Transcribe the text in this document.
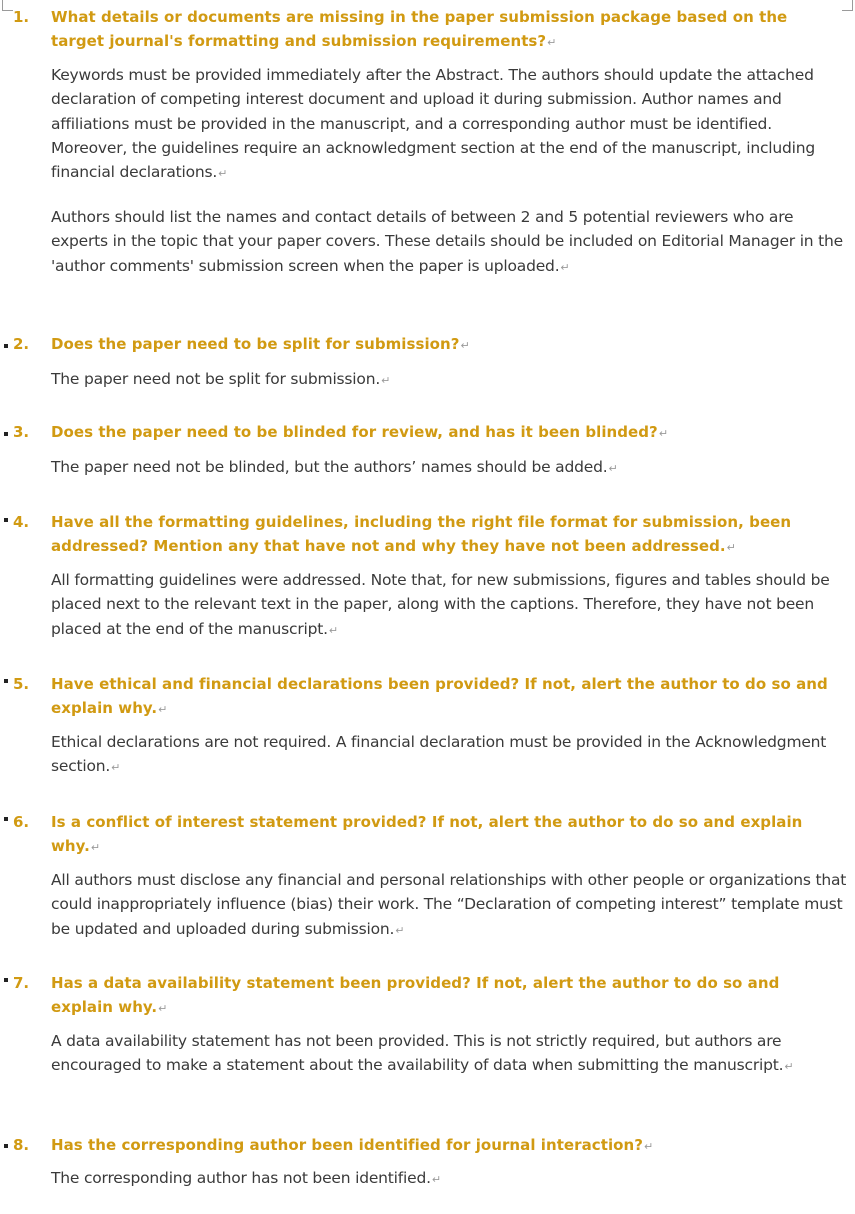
1. What details or documents are missing in the paper submission package based on the target journal's formatting and submission requirements?↵
Keywords must be provided immediately after the Abstract. The authors should update the attached declaration of competing interest document and upload it during submission. Author names and affiliations must be provided in the manuscript, and a corresponding author must be identified. Moreover, the guidelines require an acknowledgment section at the end of the manuscript, including financial declarations.↵
Authors should list the names and contact details of between 2 and 5 potential reviewers who are experts in the topic that your paper covers. These details should be included on Editorial Manager in the 'author comments' submission screen when the paper is uploaded.↵
2. Does the paper need to be split for submission?↵
The paper need not be split for submission.↵
3. Does the paper need to be blinded for review, and has it been blinded?↵
The paper need not be blinded, but the authors’ names should be added.↵
4. Have all the formatting guidelines, including the right file format for submission, been addressed? Mention any that have not and why they have not been addressed.↵
All formatting guidelines were addressed. Note that, for new submissions, figures and tables should be placed next to the relevant text in the paper, along with the captions. Therefore, they have not been placed at the end of the manuscript.↵
5. Have ethical and financial declarations been provided? If not, alert the author to do so and explain why.↵
Ethical declarations are not required. A financial declaration must be provided in the Acknowledgment section.↵
6. Is a conflict of interest statement provided? If not, alert the author to do so and explain why.↵
All authors must disclose any financial and personal relationships with other people or organizations that could inappropriately influence (bias) their work. The “Declaration of competing interest” template must be updated and uploaded during submission.↵
7. Has a data availability statement been provided? If not, alert the author to do so and explain why.↵
A data availability statement has not been provided. This is not strictly required, but authors are encouraged to make a statement about the availability of data when submitting the manuscript.↵
8. Has the corresponding author been identified for journal interaction?↵
The corresponding author has not been identified.↵
